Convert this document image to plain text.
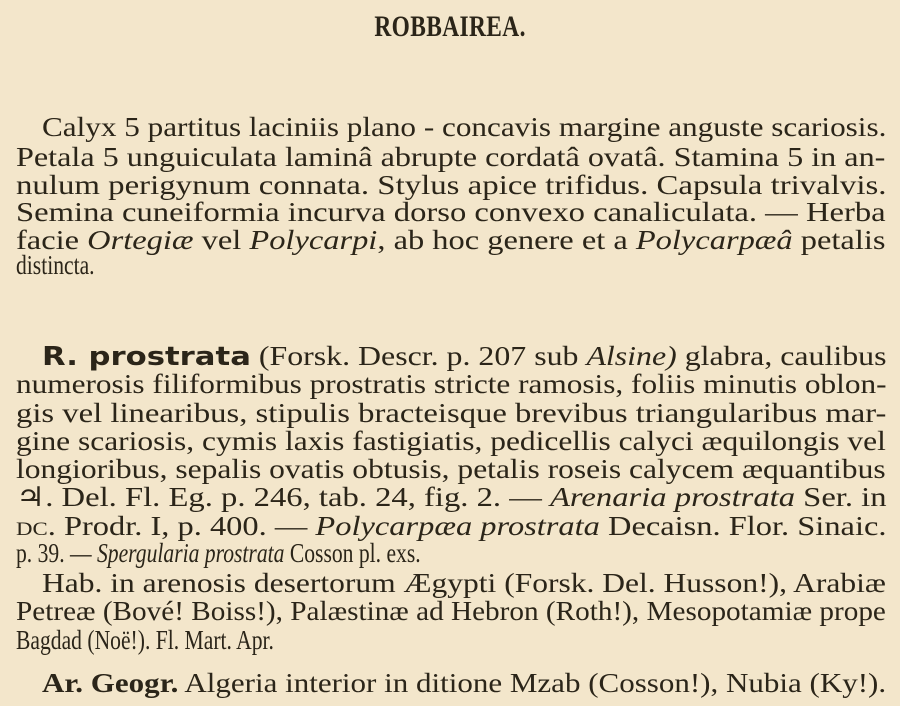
ROBBAIREA.
Calyx 5 partitus laciniis plano - concavis margine anguste scariosis.
Petala 5 unguiculata laminâ abrupte cordatâ ovatâ. Stamina 5 in an-
nulum perigynum connata. Stylus apice trifidus. Capsula trivalvis.
Semina cuneiformia incurva dorso convexo canaliculata. — Herba
facie Ortegiæ vel Polycarpi, ab hoc genere et a Polycarpæâ petalis
distincta.
R. prostrata (Forsk. Descr. p. 207 sub Alsine) glabra, caulibus
numerosis filiformibus prostratis stricte ramosis, foliis minutis oblon-
gis vel linearibus, stipulis bracteisque brevibus triangularibus mar-
gine scariosis, cymis laxis fastigiatis, pedicellis calyci æquilongis vel
longioribus, sepalis ovatis obtusis, petalis roseis calycem æquantibus
♃. Del. Fl. Eg. p. 246, tab. 24, fig. 2. — Arenaria prostrata Ser. in
dc. Prodr. I, p. 400. — Polycarpæa prostrata Decaisn. Flor. Sinaic.
p. 39. — Spergularia prostrata Cosson pl. exs.
Hab. in arenosis desertorum Ægypti (Forsk. Del. Husson!), Arabiæ
Petreæ (Bové! Boiss!), Palæstinæ ad Hebron (Roth!), Mesopotamiæ prope
Bagdad (Noë!). Fl. Mart. Apr.
Ar. Geogr. Algeria interior in ditione Mzab (Cosson!), Nubia (Ky!).
